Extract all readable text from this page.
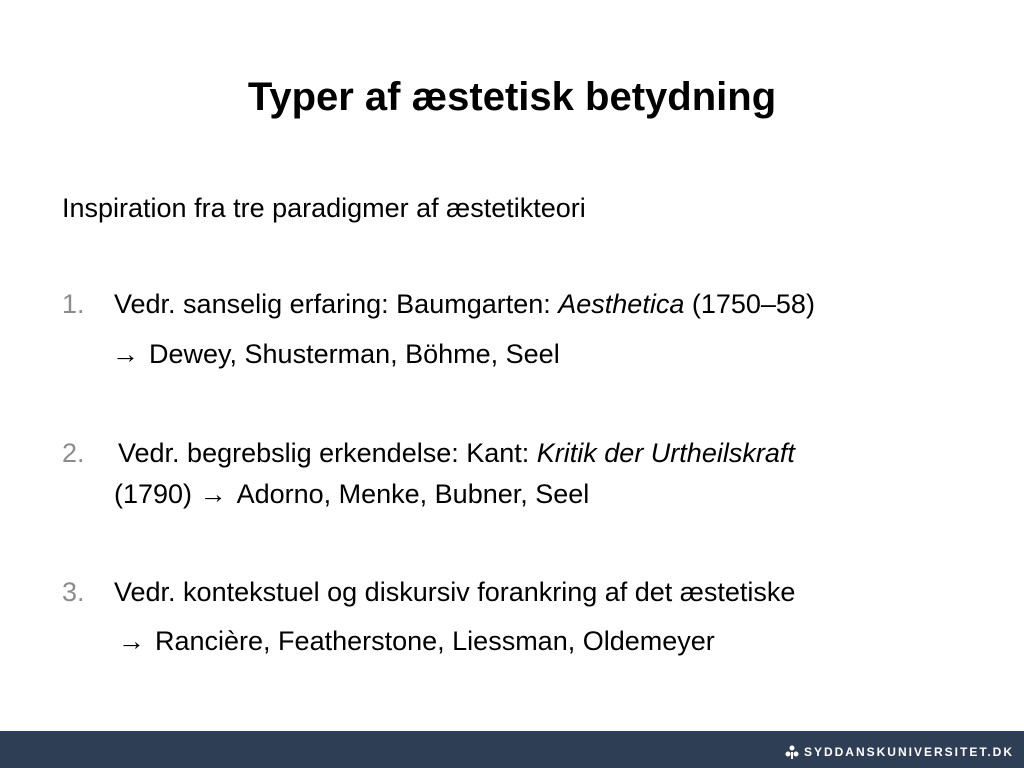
Typer af æstetisk betydning
Inspiration fra tre paradigmer af æstetikteori
1. Vedr. sanselig erfaring: Baumgarten: Aesthetica (1750–58)
→ Dewey, Shusterman, Böhme, Seel
2. Vedr. begrebslig erkendelse: Kant: Kritik der Urtheilskraft
(1790) → Adorno, Menke, Bubner, Seel
3. Vedr. kontekstuel og diskursiv forankring af det æstetiske
→ Rancière, Featherstone, Liessman, Oldemeyer
SYDDANSKUNIVERSITET.DK
